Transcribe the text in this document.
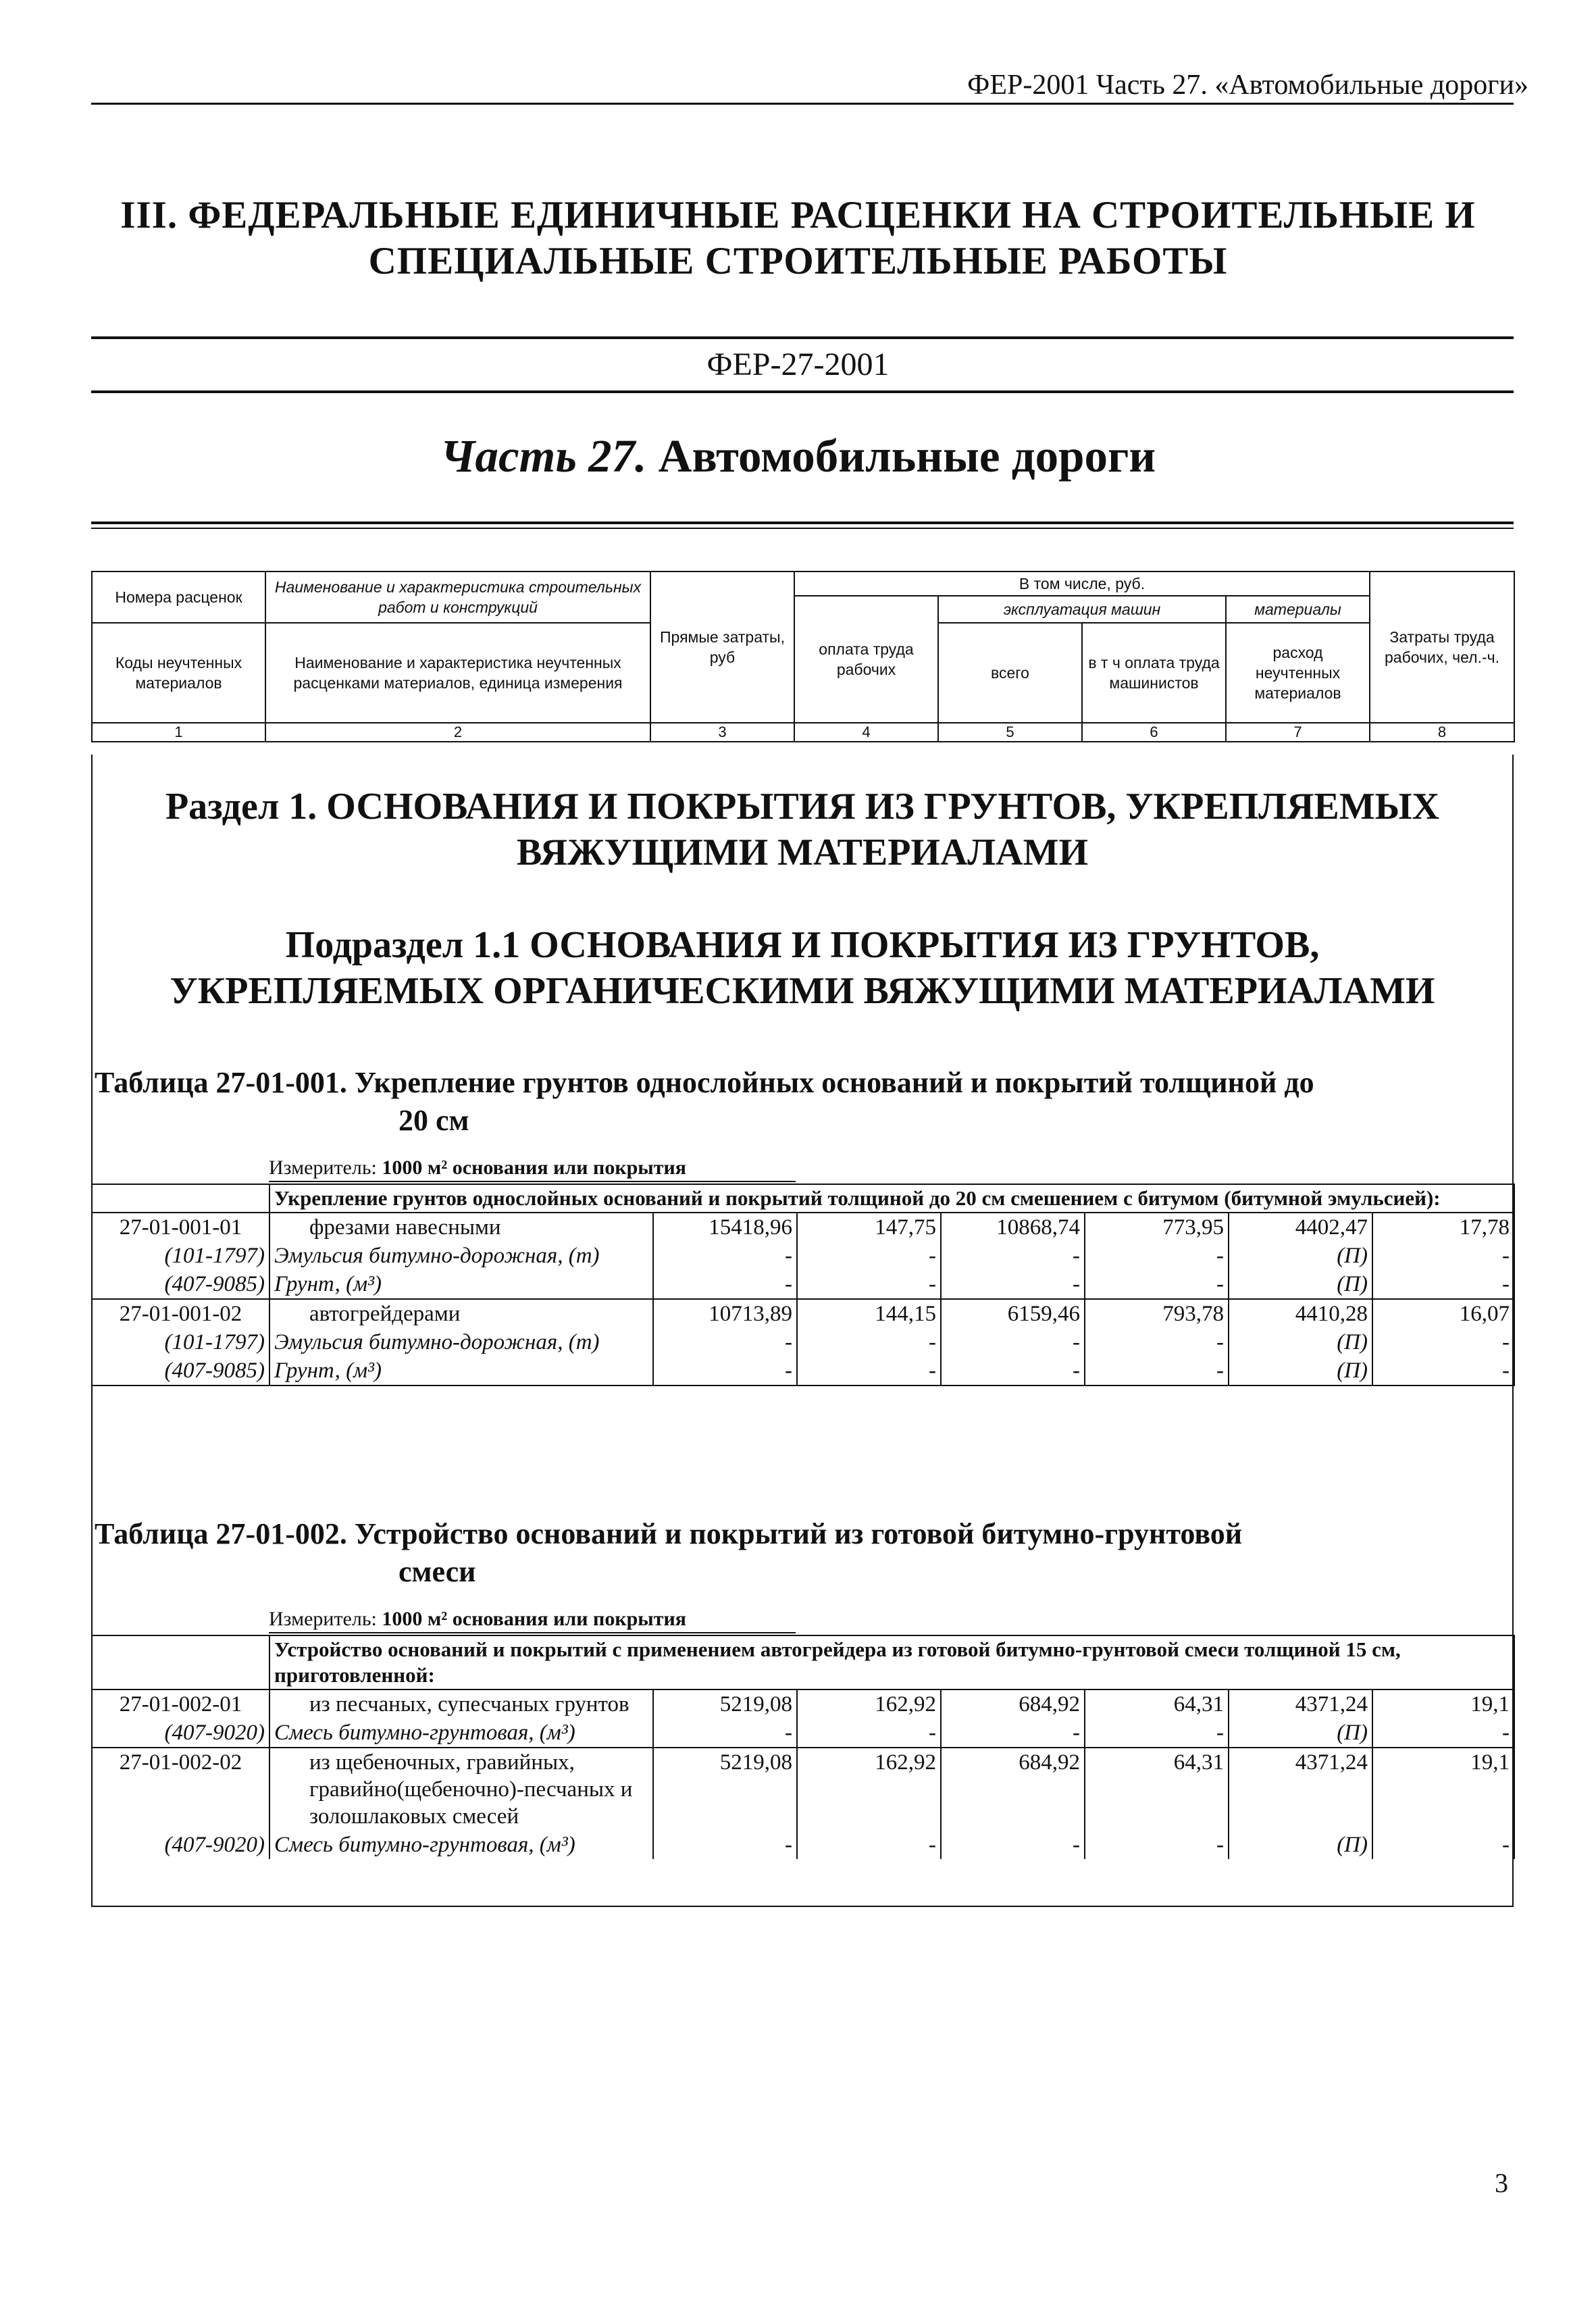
ФЕР-2001 Часть 27. «Автомобильные дороги»
III. ФЕДЕРАЛЬНЫЕ ЕДИНИЧНЫЕ РАСЦЕНКИ НА СТРОИТЕЛЬНЫЕ И
СПЕЦИАЛЬНЫЕ СТРОИТЕЛЬНЫЕ РАБОТЫ
ФЕР-27-2001
Часть 27. Автомобильные дороги
Номера расценок	Наименование и характеристика строительных работ и конструкций	Прямые затраты, руб	В том числе, руб.				Затраты труда рабочих, чел.-ч.
			оплата труда рабочих	эксплуатация машин		материалы	
Коды неучтенных материалов	Наименование и характеристика неучтенных расценками материалов, единица измерения			всего	в т ч оплата труда машинистов	расход неучтенных материалов	

1	2	3	4	5	6	7	8
Раздел 1. ОСНОВАНИЯ И ПОКРЫТИЯ ИЗ ГРУНТОВ, УКРЕПЛЯЕМЫХ
ВЯЖУЩИМИ МАТЕРИАЛАМИ
Подраздел 1.1 ОСНОВАНИЯ И ПОКРЫТИЯ ИЗ ГРУНТОВ,
УКРЕПЛЯЕМЫХ ОРГАНИЧЕСКИМИ ВЯЖУЩИМИ МАТЕРИАЛАМИ
Таблица 27-01-001. Укрепление грунтов однослойных оснований и покрытий толщиной до
20 см
Измеритель: 1000 м² основания или покрытия
	Укрепление грунтов однослойных оснований и покрытий толщиной до 20 см смешением с битумом (битумной эмульсией):						
27-01-001-01	фрезами навесными	15418,96	147,75	10868,74	773,95	4402,47	17,78
(101-1797)	Эмульсия битумно-дорожная, (т)	-	-	-	-	(П)	-
(407-9085)	Грунт, (м³)	-	-	-	-	(П)	-
27-01-001-02	автогрейдерами	10713,89	144,15	6159,46	793,78	4410,28	16,07
(101-1797)	Эмульсия битумно-дорожная, (т)	-	-	-	-	(П)	-
(407-9085)	Грунт, (м³)	-	-	-	-	(П)	-
Таблица 27-01-002. Устройство оснований и покрытий из готовой битумно-грунтовой
смеси
Измеритель: 1000 м² основания или покрытия
	Устройство оснований и покрытий с применением автогрейдера из готовой битумно-грунтовой смеси толщиной 15 см, приготовленной:						
27-01-002-01	из песчаных, супесчаных грунтов	5219,08	162,92	684,92	64,31	4371,24	19,1
(407-9020)	Смесь битумно-грунтовая, (м³)	-	-	-	-	(П)	-
27-01-002-02	из щебеночных, гравийных, гравийно(щебеночно)-песчаных и золошлаковых смесей	5219,08	162,92	684,92	64,31	4371,24	19,1
(407-9020)	Смесь битумно-грунтовая, (м³)	-	-	-	-	(П)	-
3
